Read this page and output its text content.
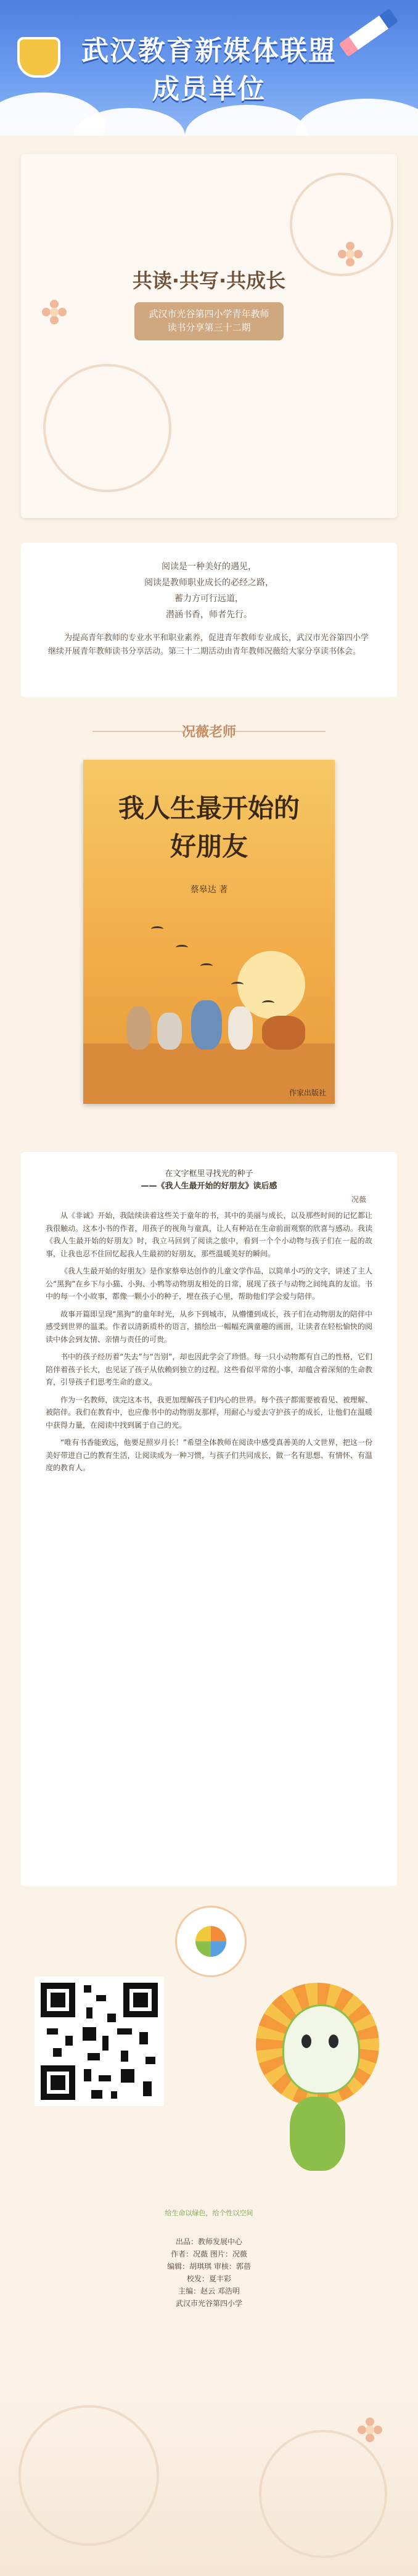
武汉教育新媒体联盟
成员单位
共读·共写·共成长
武汉市光谷第四小学青年教师
读书分享第三十二期
阅读是一种美好的遇见，
阅读是教师职业成长的必经之路，
蓄力方可行远道，
潜涵书香，师者先行。

为提高青年教师的专业水平和职业素养，促进青年教师专业成长，武汉市光谷第四小学继续开展青年教师读书分享活动。第三十二期活动由青年教师况薇给大家分享读书体会。

况薇老师
我人生最开始的
好朋友
蔡皋达 著
作家出版社
在文字框里寻找光的种子
——《我人生最开始的好朋友》读后感
况薇

从《非诚》开始，我陆续读着这些关于童年的书，其中的美丽与成长，以及那些时间的记忆都让我很触动。这本小书的作者，用孩子的视角与童真，让人有种站在生命前面观察的欣喜与感动。我读《我人生最开始的好朋友》时，我立马回到了阅读之旅中，看到一个个小动物与孩子们在一起的故事，让我也忍不住回忆起我人生最初的好朋友，那些温暖美好的瞬间。

《我人生最开始的好朋友》是作家蔡皋达创作的儿童文学作品，以简单小巧的文字，讲述了主人公“黑狗”在乡下与小猫、小狗、小鸭等动物朋友相处的日常，展现了孩子与动物之间纯真的友谊。书中的每一个小故事，都像一颗小小的种子，埋在孩子心里，帮助他们学会爱与陪伴。

故事开篇即呈现“黑狗”的童年时光，从乡下到城市，从懵懂到成长，孩子们在动物朋友的陪伴中感受到世界的温柔。作者以清新质朴的语言，描绘出一幅幅充满童趣的画面，让读者在轻松愉快的阅读中体会到友情、亲情与责任的可贵。

书中的孩子经历着“失去”与“告别”，却也因此学会了珍惜。每一只小动物都有自己的性格，它们陪伴着孩子长大，也见证了孩子从依赖到独立的过程。这些看似平常的小事，却蕴含着深刻的生命教育，引导孩子们思考生命的意义。

作为一名教师，读完这本书，我更加理解孩子们内心的世界。每个孩子都需要被看见、被理解、被陪伴。我们在教育中，也应像书中的动物朋友那样，用耐心与爱去守护孩子的成长，让他们在温暖中获得力量，在阅读中找到属于自己的光。

“唯有书香能致远，他要足照岁月长！”希望全体教师在阅读中感受真善美的人文世界，把这一份美好带进自己的教育生活，让阅读成为一种习惯，与孩子们共同成长，做一名有思想、有情怀、有温度的教育人。

给生命以绿色，给个性以空间
出品：教师发展中心
作者：况薇 图片：况薇
编辑：胡琪琪 审核：郭蓓
校发：夏丰彩
主编：赵云 邓浩明
武汉市光谷第四小学
